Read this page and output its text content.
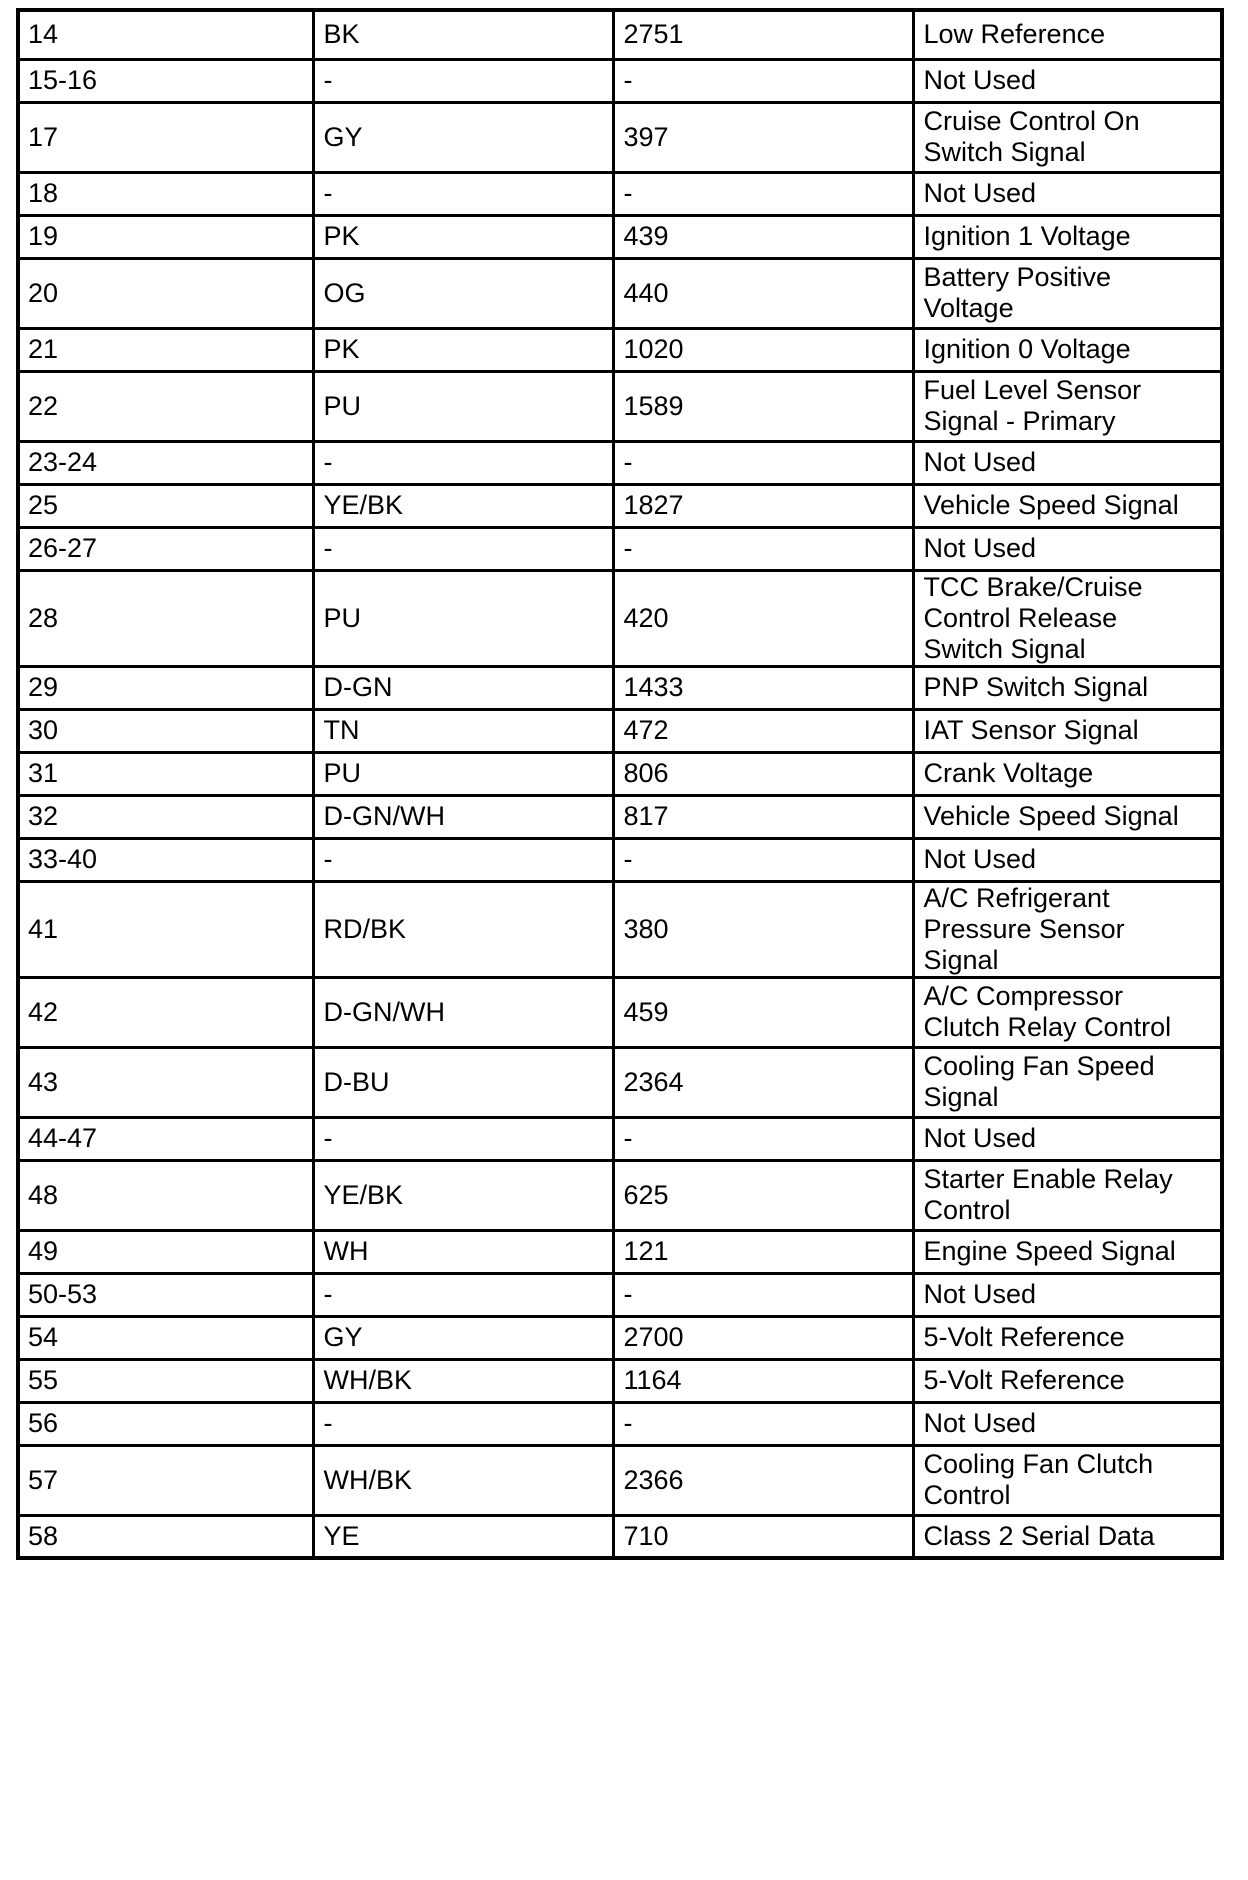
14	BK	2751	Low Reference
15-16	-	-	Not Used
17	GY	397	Cruise Control On
Switch Signal
18	-	-	Not Used
19	PK	439	Ignition 1 Voltage
20	OG	440	Battery Positive
Voltage
21	PK	1020	Ignition 0 Voltage
22	PU	1589	Fuel Level Sensor
Signal - Primary
23-24	-	-	Not Used
25	YE/BK	1827	Vehicle Speed Signal
26-27	-	-	Not Used
28	PU	420	TCC Brake/Cruise
Control Release
Switch Signal
29	D-GN	1433	PNP Switch Signal
30	TN	472	IAT Sensor Signal
31	PU	806	Crank Voltage
32	D-GN/WH	817	Vehicle Speed Signal
33-40	-	-	Not Used
41	RD/BK	380	A/C Refrigerant
Pressure Sensor
Signal
42	D-GN/WH	459	A/C Compressor
Clutch Relay Control
43	D-BU	2364	Cooling Fan Speed
Signal
44-47	-	-	Not Used
48	YE/BK	625	Starter Enable Relay
Control
49	WH	121	Engine Speed Signal
50-53	-	-	Not Used
54	GY	2700	5-Volt Reference
55	WH/BK	1164	5-Volt Reference
56	-	-	Not Used
57	WH/BK	2366	Cooling Fan Clutch
Control
58	YE	710	Class 2 Serial Data
